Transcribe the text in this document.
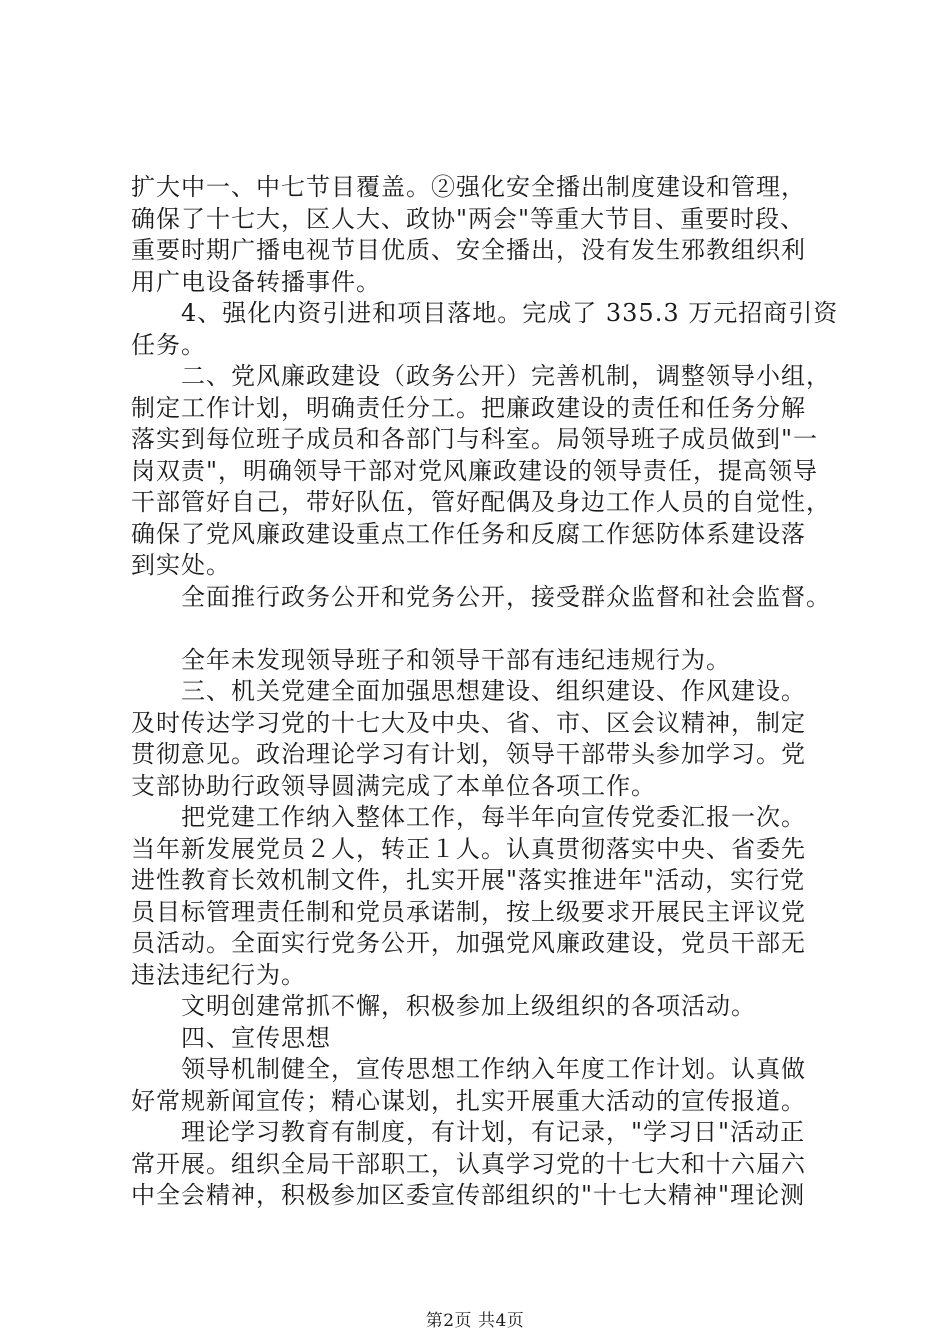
扩大中一、中七节目覆盖。②强化安全播出制度建设和管理，
确保了十七大，区人大、政协"两会"等重大节目、重要时段、
重要时期广播电视节目优质、安全播出，没有发生邪教组织利
用广电设备转播事件。
4、强化内资引进和项目落地。完成了 335.3 万元招商引资
任务。
二、党风廉政建设（政务公开）完善机制，调整领导小组，
制定工作计划，明确责任分工。把廉政建设的责任和任务分解
落实到每位班子成员和各部门与科室。局领导班子成员做到"一
岗双责"，明确领导干部对党风廉政建设的领导责任，提高领导
干部管好自己，带好队伍，管好配偶及身边工作人员的自觉性，
确保了党风廉政建设重点工作任务和反腐工作惩防体系建设落
到实处。
全面推行政务公开和党务公开，接受群众监督和社会监督。
全年未发现领导班子和领导干部有违纪违规行为。
三、机关党建全面加强思想建设、组织建设、作风建设。
及时传达学习党的十七大及中央、省、市、区会议精神，制定
贯彻意见。政治理论学习有计划，领导干部带头参加学习。党
支部协助行政领导圆满完成了本单位各项工作。
把党建工作纳入整体工作，每半年向宣传党委汇报一次。
当年新发展党员２人，转正１人。认真贯彻落实中央、省委先
进性教育长效机制文件，扎实开展"落实推进年"活动，实行党
员目标管理责任制和党员承诺制，按上级要求开展民主评议党
员活动。全面实行党务公开，加强党风廉政建设，党员干部无
违法违纪行为。
文明创建常抓不懈，积极参加上级组织的各项活动。
四、宣传思想
领导机制健全，宣传思想工作纳入年度工作计划。认真做
好常规新闻宣传；精心谋划，扎实开展重大活动的宣传报道。
理论学习教育有制度，有计划，有记录，"学习日"活动正
常开展。组织全局干部职工，认真学习党的十七大和十六届六
中全会精神，积极参加区委宣传部组织的"十七大精神"理论测
第2页 共4页
